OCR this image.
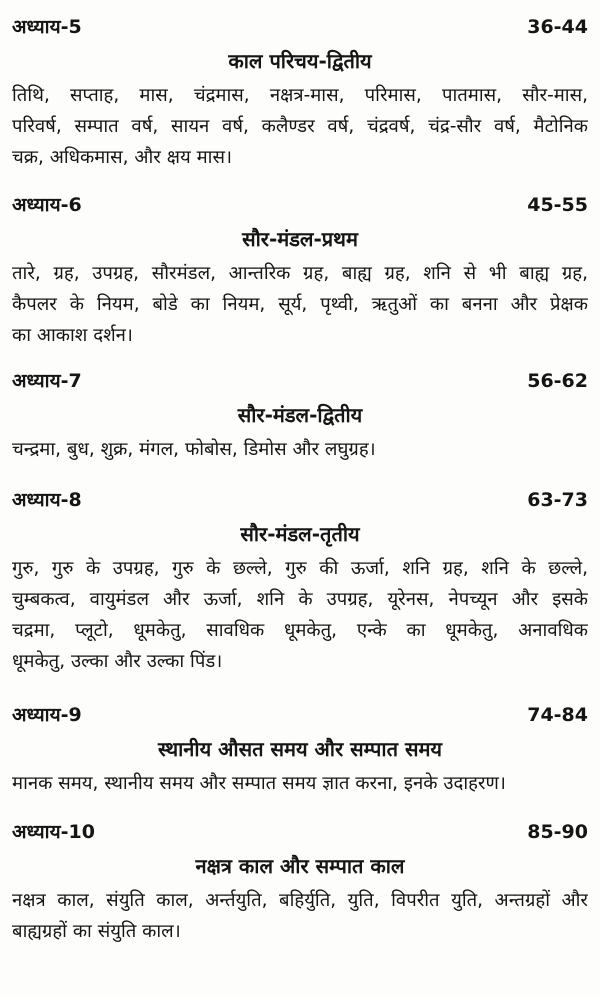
अध्याय-5	36-44
काल परिचय-द्वितीय
तिथि, सप्ताह, मास, चंद्रमास, नक्षत्र-मास, परिमास, पातमास, सौर-मास,
परिवर्ष, सम्पात वर्ष, सायन वर्ष, कलैण्डर वर्ष, चंद्रवर्ष, चंद्र-सौर वर्ष, मैटोनिक
चक्र, अधिकमास, और क्षय मास।
अध्याय-6	45-55
सौर-मंडल-प्रथम
तारे, ग्रह, उपग्रह, सौरमंडल, आन्तरिक ग्रह, बाह्य ग्रह, शनि से भी बाह्य ग्रह,
कैपलर के नियम, बोडे का नियम, सूर्य, पृथ्वी, ऋतुओं का बनना और प्रेक्षक
का आकाश दर्शन।
अध्याय-7	56-62
सौर-मंडल-द्वितीय
चन्द्रमा, बुध, शुक्र, मंगल, फोबोस, डिमोस और लघुग्रह।
अध्याय-8	63-73
सौर-मंडल-तृतीय
गुरु, गुरु के उपग्रह, गुरु के छल्ले, गुरु की ऊर्जा, शनि ग्रह, शनि के छल्ले,
चुम्बकत्व, वायुमंडल और ऊर्जा, शनि के उपग्रह, यूरेनस, नेपच्यून और इसके
चद्रमा, प्लूटो, धूमकेतु, सावधिक धूमकेतु, एन्के का धूमकेतु, अनावधिक
धूमकेतु, उल्का और उल्का पिंड।
अध्याय-9	74-84
स्थानीय औसत समय और सम्पात समय
मानक समय, स्थानीय समय और सम्पात समय ज्ञात करना, इनके उदाहरण।
अध्याय-10	85-90
नक्षत्र काल और सम्पात काल
नक्षत्र काल, संयुति काल, अर्न्तयुति, बहिर्युति, युति, विपरीत युति, अन्तग्रहों और
बाह्यग्रहों का संयुति काल।
